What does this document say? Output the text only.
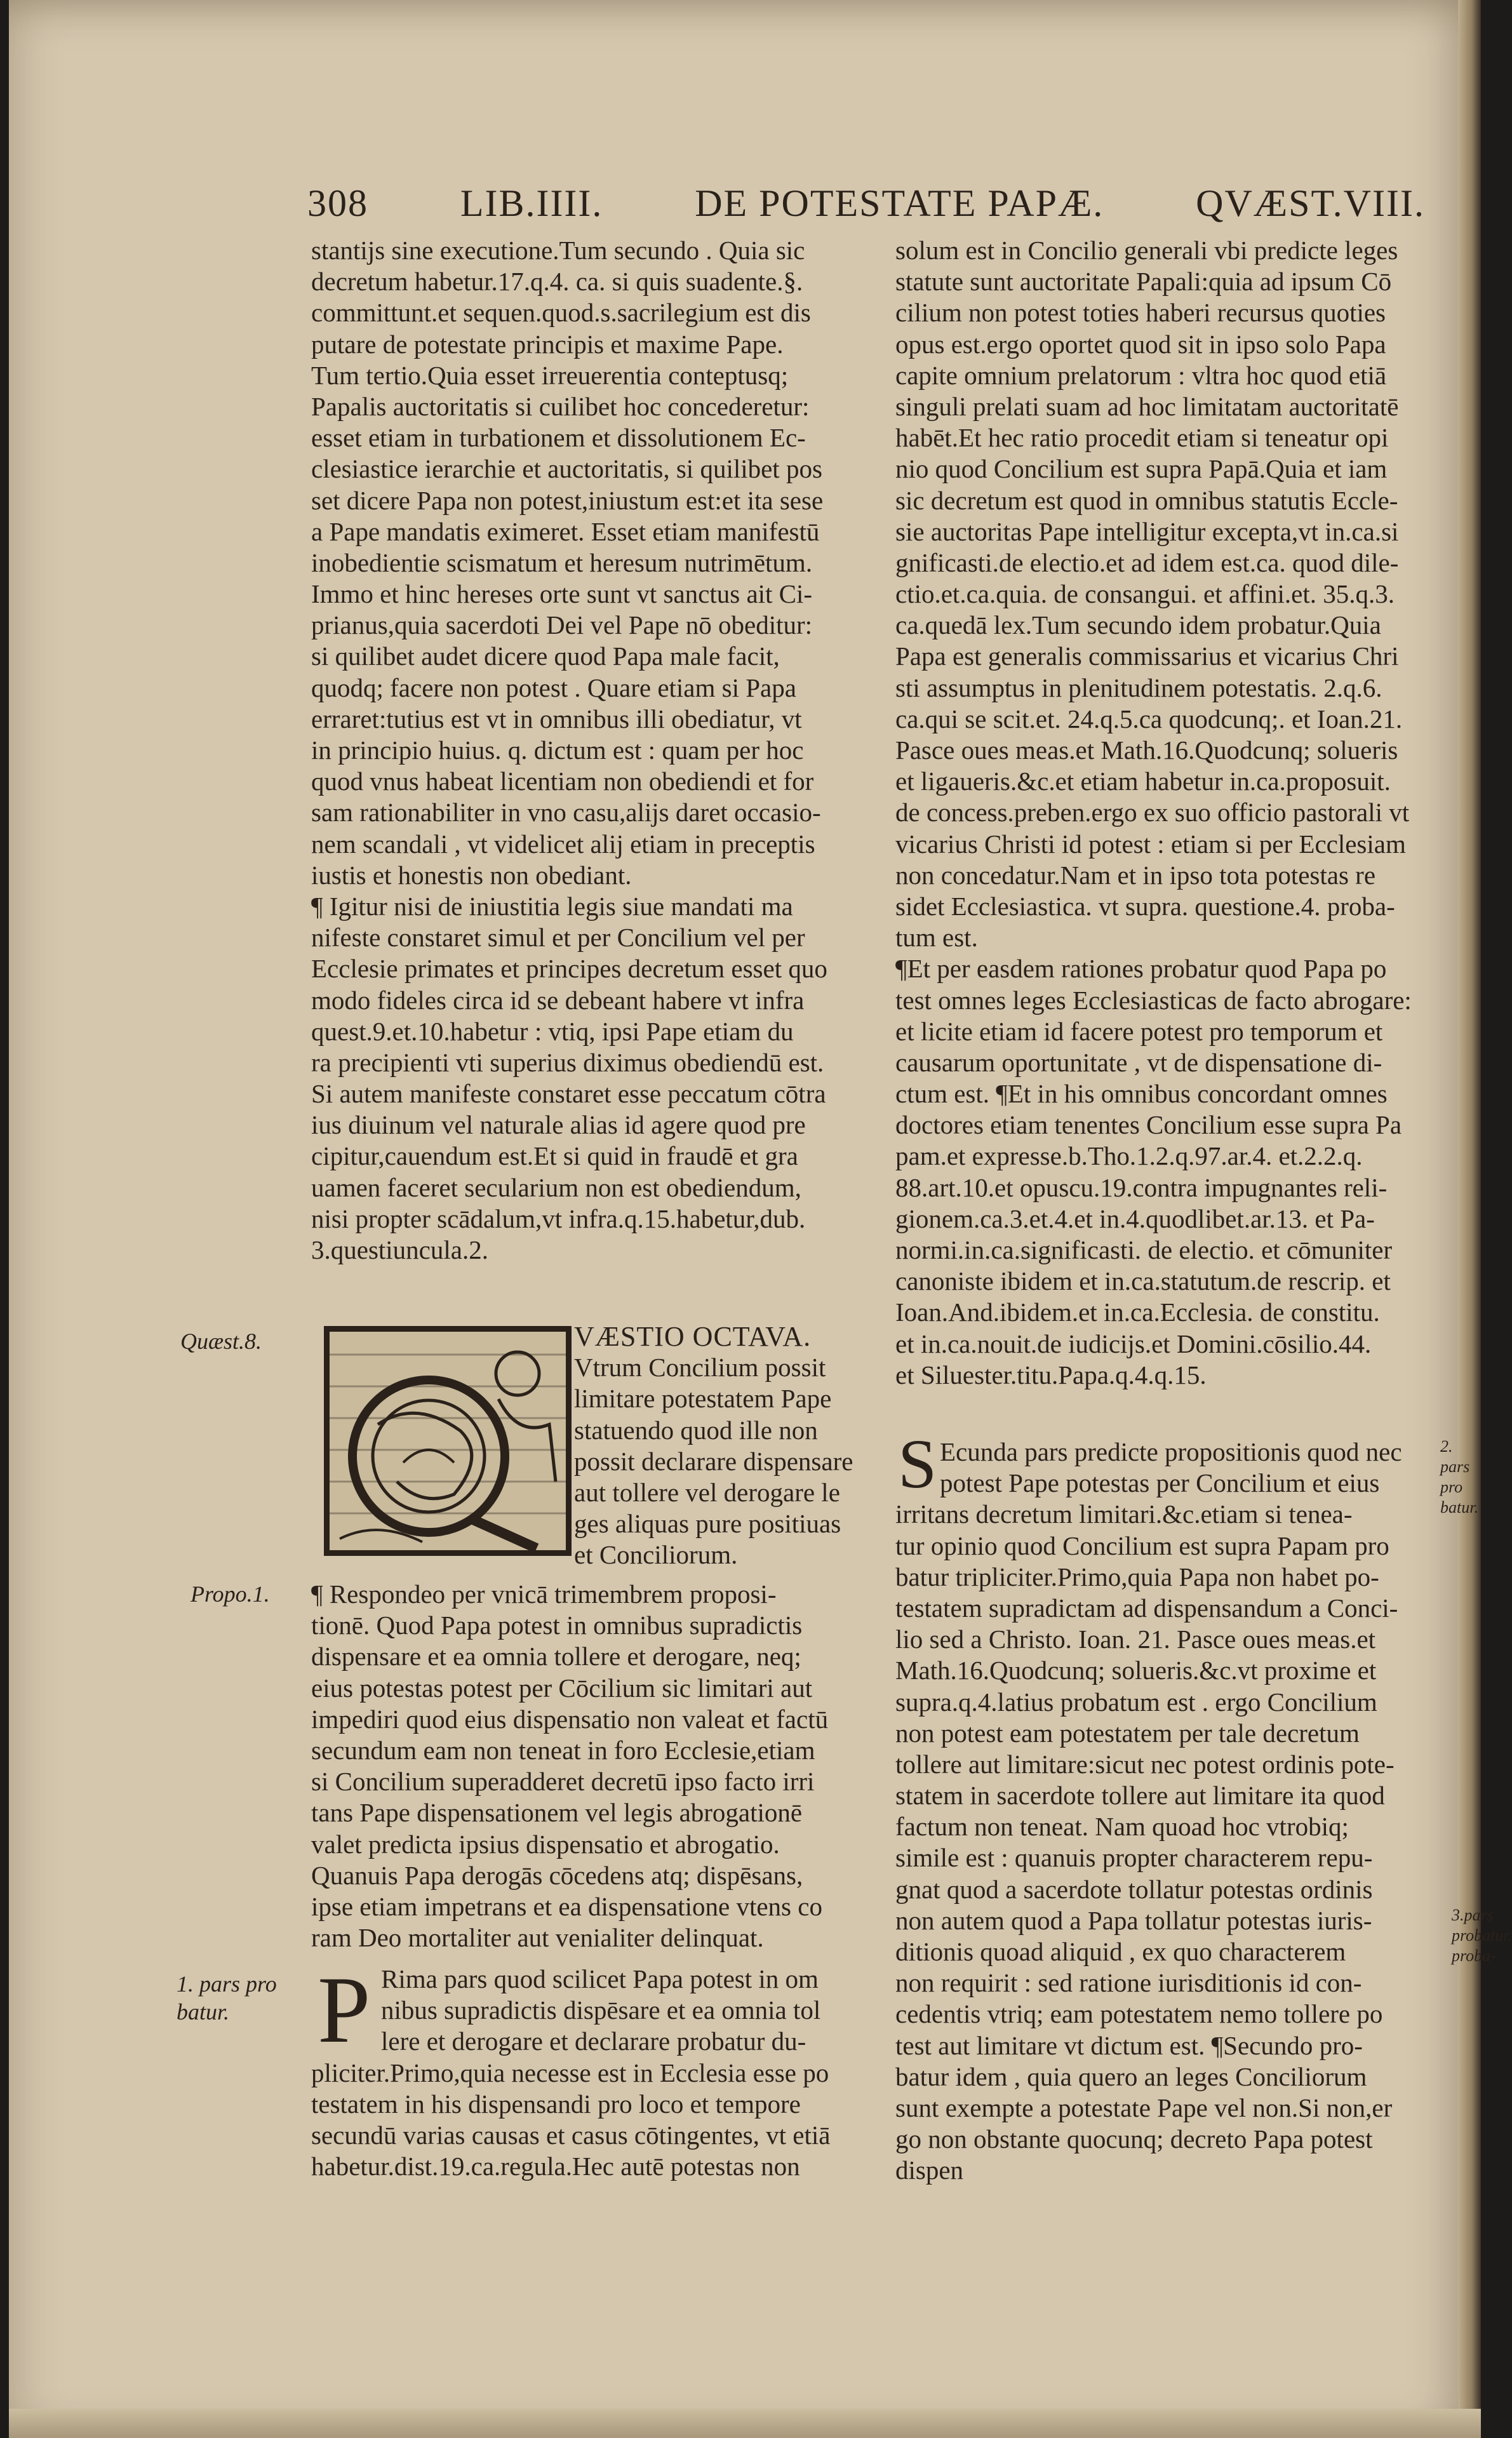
308 LIB.IIII. DE POTESTATE PAPÆ. QVÆST.VIII.
stantijs sine executione.Tum secundo . Quia sic
decretum habetur.17.q.4. ca. si quis suadente.§.
committunt.et sequen.quod.s.sacrilegium est dis
putare de potestate principis et maxime Pape.
Tum tertio.Quia esset irreuerentia conteptusq;
Papalis auctoritatis si cuilibet hoc concederetur:
esset etiam in turbationem et dissolutionem Ec-
clesiastice ierarchie et auctoritatis, si quilibet pos
set dicere Papa non potest,iniustum est:et ita sese
a Pape mandatis eximeret. Esset etiam manifestū
inobedientie scismatum et heresum nutrimētum.
Immo et hinc hereses orte sunt vt sanctus ait Ci-
prianus,quia sacerdoti Dei vel Pape nō obeditur:
si quilibet audet dicere quod Papa male facit,
quodq; facere non potest . Quare etiam si Papa
erraret:tutius est vt in omnibus illi obediatur, vt
in principio huius. q. dictum est : quam per hoc
quod vnus habeat licentiam non obediendi et for
sam rationabiliter in vno casu,alijs daret occasio-
nem scandali , vt videlicet alij etiam in preceptis
iustis et honestis non obediant.
¶ Igitur nisi de iniustitia legis siue mandati ma
nifeste constaret simul et per Concilium vel per
Ecclesie primates et principes decretum esset quo
modo fideles circa id se debeant habere vt infra
quest.9.et.10.habetur : vtiq, ipsi Pape etiam du
ra precipienti vti superius diximus obediendū est.
Si autem manifeste constaret esse peccatum cōtra
ius diuinum vel naturale alias id agere quod pre
cipitur,cauendum est.Et si quid in fraudē et gra
uamen faceret secularium non est obediendum,
nisi propter scādalum,vt infra.q.15.habetur,dub.
3.questiuncula.2.
Quæst.8.	VÆSTIO OCTAVA.
Vtrum Concilium possit
limitare potestatem Pape
statuendo quod ille non
possit declarare dispensare
aut tollere vel derogare le
ges aliquas pure positiuas
et Conciliorum.
Propo.1. ¶ Respondeo per vnicā trimembrem proposi-
tionē. Quod Papa potest in omnibus supradictis
dispensare et ea omnia tollere et derogare, neq;
eius potestas potest per Cōcilium sic limitari aut
impediri quod eius dispensatio non valeat et factū
secundum eam non teneat in foro Ecclesie,etiam
si Concilium superadderet decretū ipso facto irri
tans Pape dispensationem vel legis abrogationē
valet predicta ipsius dispensatio et abrogatio.
Quanuis Papa derogās cōcedens atq; dispēsans,
ipse etiam impetrans et ea dispensatione vtens co
ram Deo mortaliter aut venialiter delinquat.
1. pars pro
batur. P Rima pars quod scilicet Papa potest in om
nibus supradictis dispēsare et ea omnia tol
lere et derogare et declarare probatur du-
pliciter.Primo,quia necesse est in Ecclesia esse po
testatem in his dispensandi pro loco et tempore
secundū varias causas et casus cōtingentes, vt etiā
habetur.dist.19.ca.regula.Hec autē potestas non
solum est in Concilio generali vbi predicte leges
statute sunt auctoritate Papali:quia ad ipsum Cō
cilium non potest toties haberi recursus quoties
opus est.ergo oportet quod sit in ipso solo Papa
capite omnium prelatorum : vltra hoc quod etiā
singuli prelati suam ad hoc limitatam auctoritatē
habēt.Et hec ratio procedit etiam si teneatur opi
nio quod Concilium est supra Papā.Quia et iam
sic decretum est quod in omnibus statutis Eccle-
sie auctoritas Pape intelligitur excepta,vt in.ca.si
gnificasti.de electio.et ad idem est.ca. quod dile-
ctio.et.ca.quia. de consangui. et affini.et. 35.q.3.
ca.quedā lex.Tum secundo idem probatur.Quia
Papa est generalis commissarius et vicarius Chri
sti assumptus in plenitudinem potestatis. 2.q.6.
ca.qui se scit.et. 24.q.5.ca quodcunq;. et Ioan.21.
Pasce oues meas.et Math.16.Quodcunq; solueris
et ligaueris.&c.et etiam habetur in.ca.proposuit.
de concess.preben.ergo ex suo officio pastorali vt
vicarius Christi id potest : etiam si per Ecclesiam
non concedatur.Nam et in ipso tota potestas re
sidet Ecclesiastica. vt supra. questione.4. proba-
tum est.
¶Et per easdem rationes probatur quod Papa po
test omnes leges Ecclesiasticas de facto abrogare:
et licite etiam id facere potest pro temporum et
causarum oportunitate , vt de dispensatione di-
ctum est. ¶Et in his omnibus concordant omnes
doctores etiam tenentes Concilium esse supra Pa
pam.et expresse.b.Tho.1.2.q.97.ar.4. et.2.2.q.
88.art.10.et opuscu.19.contra impugnantes reli-
gionem.ca.3.et.4.et in.4.quodlibet.ar.13. et Pa-
normi.in.ca.significasti. de electio. et cōmuniter
canoniste ibidem et in.ca.statutum.de rescrip. et
Ioan.And.ibidem.et in.ca.Ecclesia. de constitu.
et in.ca.nouit.de iudicijs.et Domini.cōsilio.44.
et Siluester.titu.Papa.q.4.q.15.
2. pars pro
batur.
S Ecunda pars predicte propositionis quod nec
potest Pape potestas per Concilium et eius
irritans decretum limitari.&c.etiam si tenea-
tur opinio quod Concilium est supra Papam pro
batur tripliciter.Primo,quia Papa non habet po-
testatem supradictam ad dispensandum a Conci-
lio sed a Christo. Ioan. 21. Pasce oues meas.et
Math.16.Quodcunq; solueris.&c.vt proxime et
supra.q.4.latius probatum est . ergo Concilium
non potest eam potestatem per tale decretum
tollere aut limitare:sicut nec potest ordinis pote-
statem in sacerdote tollere aut limitare ita quod
factum non teneat. Nam quoad hoc vtrobiq;
simile est : quanuis propter characterem repu-
gnat quod a sacerdote tollatur potestas ordinis
non autem quod a Papa tollatur potestas iuris-
ditionis quoad aliquid , ex quo characterem
non requirit : sed ratione iurisditionis id con-
cedentis vtriq; eam potestatem nemo tollere po
test aut limitare vt dictum est. ¶Secundo pro-
batur idem , quia quero an leges Conciliorum
sunt exempte a potestate Pape vel non.Si non,er
go non obstante quocunq; decreto Papa potest
dispen
3.pars
probatur.
proba-
